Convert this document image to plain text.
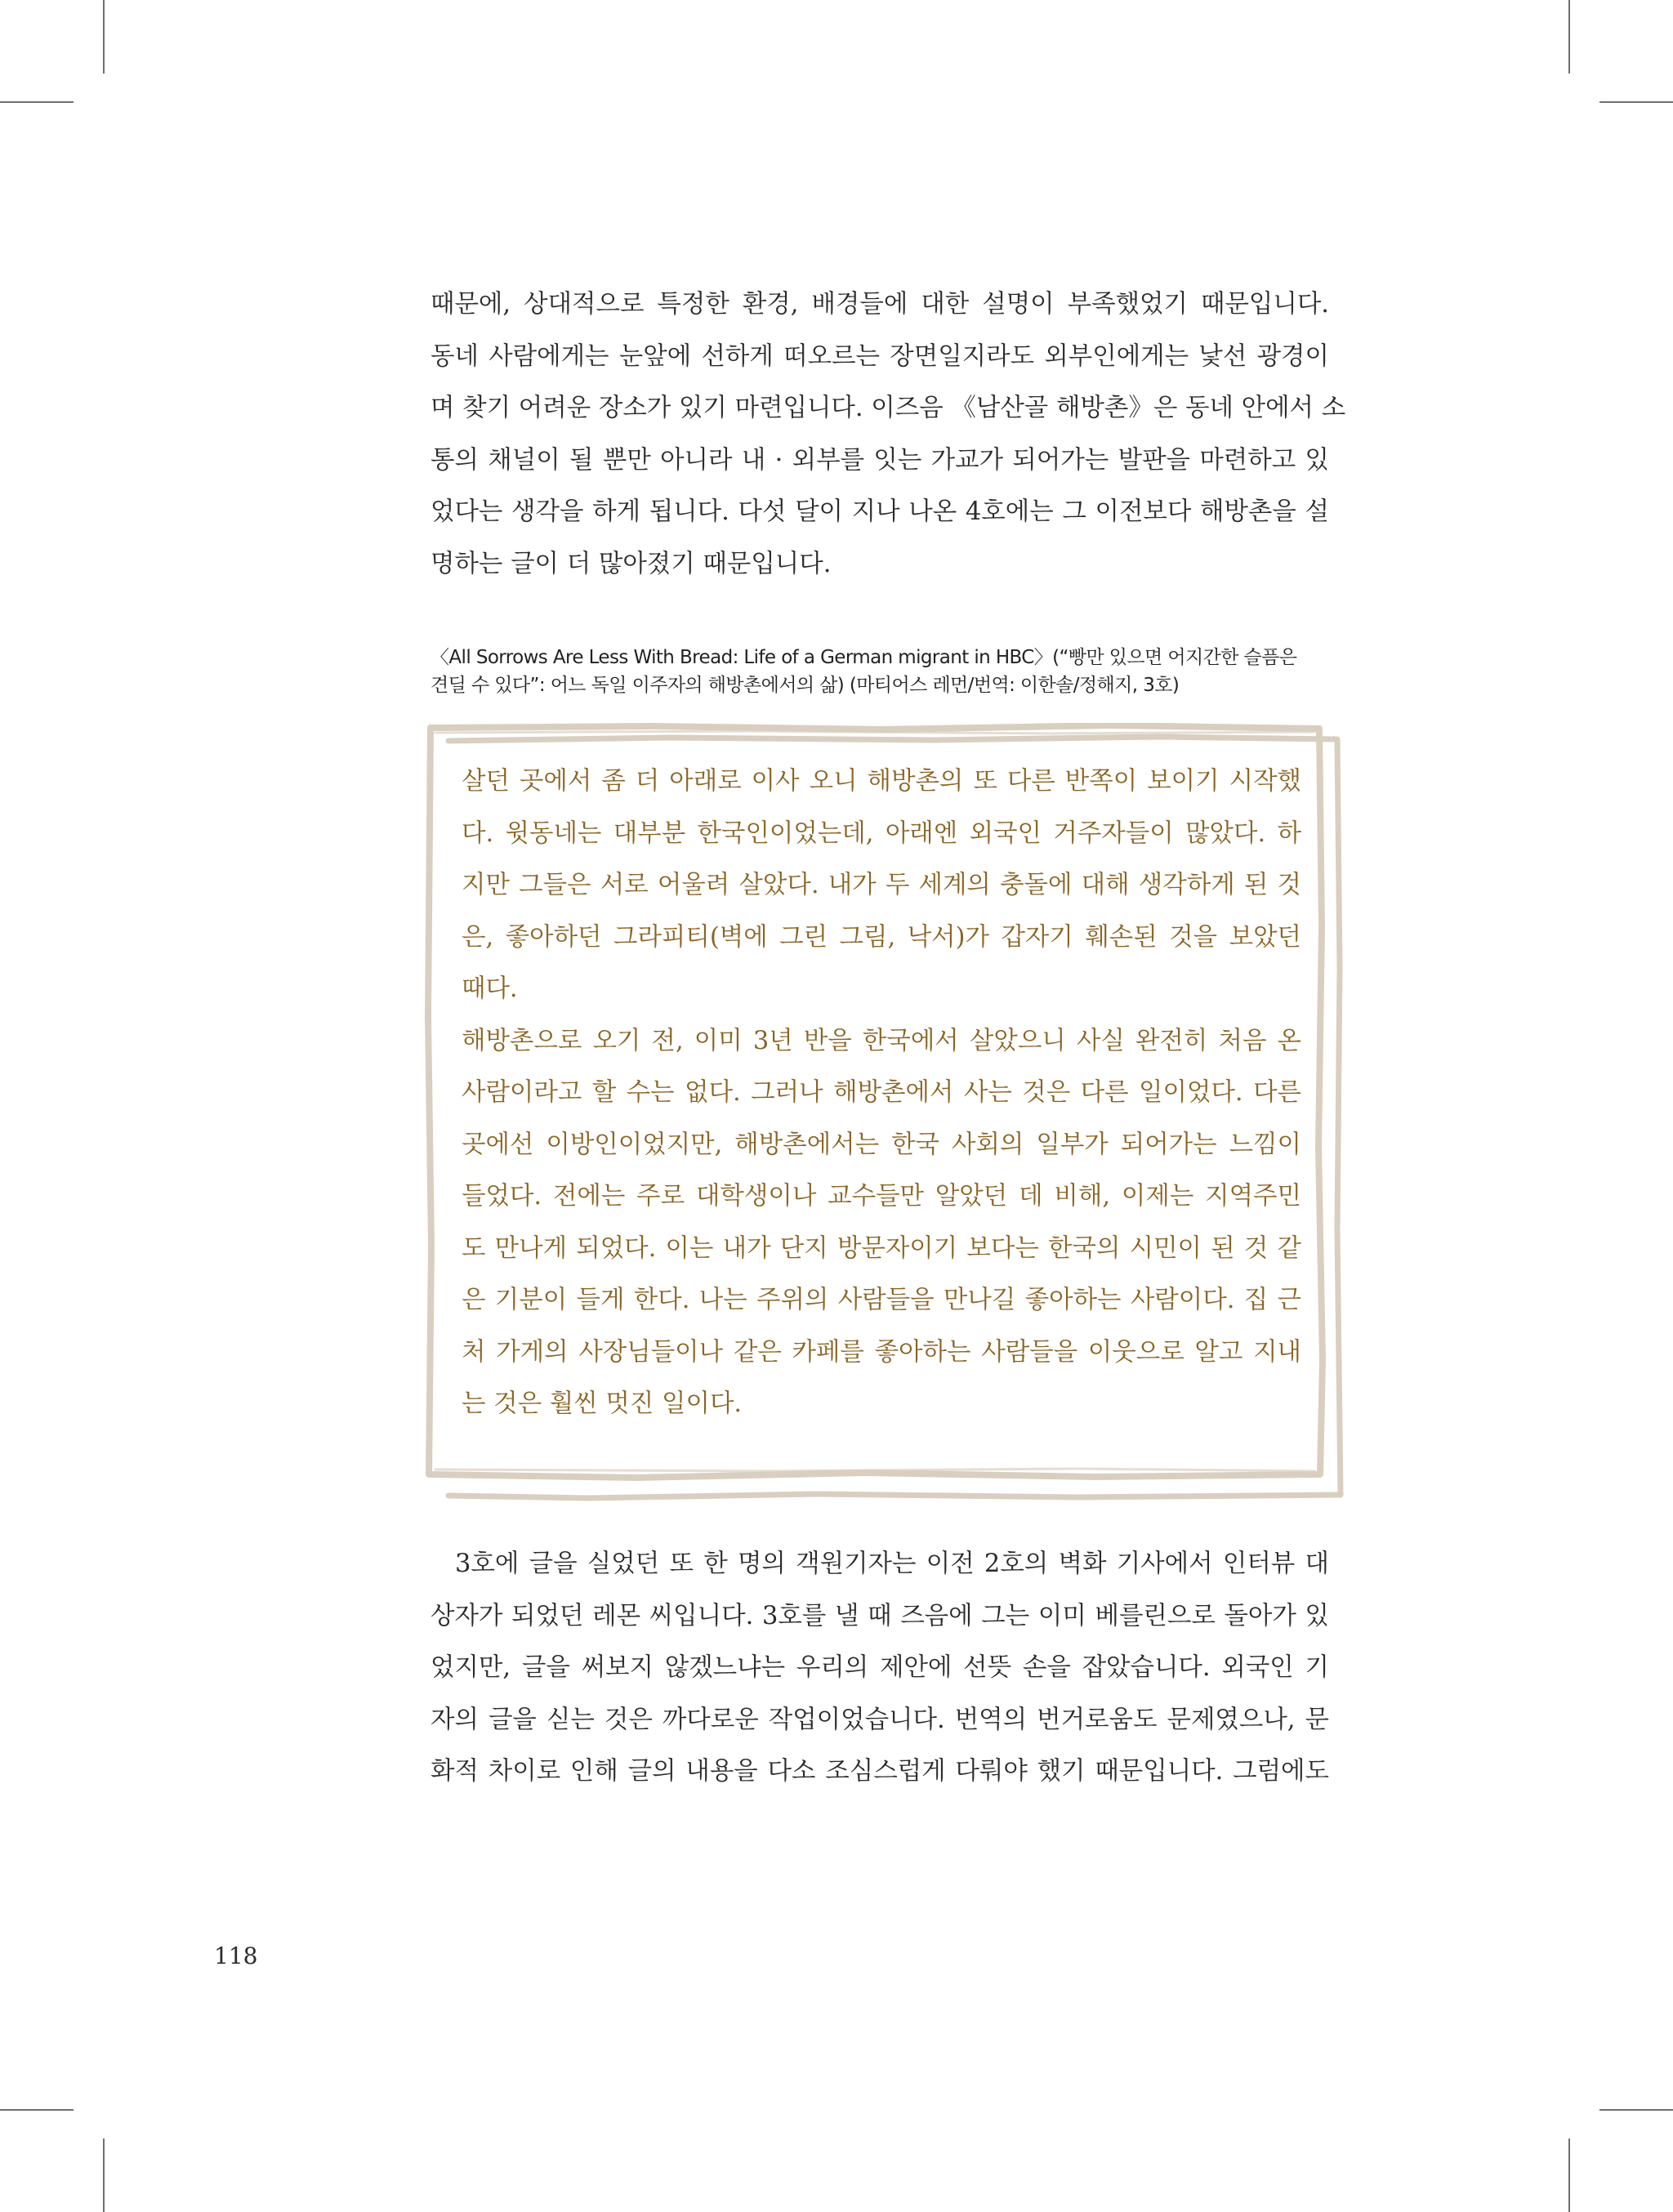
때문에, 상대적으로 특정한 환경, 배경들에 대한 설명이 부족했었기 때문입니다.
동네 사람에게는 눈앞에 선하게 떠오르는 장면일지라도 외부인에게는 낯선 광경이
며 찾기 어려운 장소가 있기 마련입니다. 이즈음 《남산골 해방촌》은 동네 안에서 소
통의 채널이 될 뿐만 아니라 내 · 외부를 잇는 가교가 되어가는 발판을 마련하고 있
었다는 생각을 하게 됩니다. 다섯 달이 지나 나온 4호에는 그 이전보다 해방촌을 설
명하는 글이 더 많아졌기 때문입니다.

〈All Sorrows Are Less With Bread: Life of a German migrant in HBC〉(“빵만 있으면 어지간한 슬픔은
견딜 수 있다”: 어느 독일 이주자의 해방촌에서의 삶) (마티어스 레먼/번역: 이한솔/정해지, 3호)

살던 곳에서 좀 더 아래로 이사 오니 해방촌의 또 다른 반쪽이 보이기 시작했
다. 윗동네는 대부분 한국인이었는데, 아래엔 외국인 거주자들이 많았다. 하
지만 그들은 서로 어울려 살았다. 내가 두 세계의 충돌에 대해 생각하게 된 것
은, 좋아하던 그라피티(벽에 그린 그림, 낙서)가 갑자기 훼손된 것을 보았던
때다.
해방촌으로 오기 전, 이미 3년 반을 한국에서 살았으니 사실 완전히 처음 온
사람이라고 할 수는 없다. 그러나 해방촌에서 사는 것은 다른 일이었다. 다른
곳에선 이방인이었지만, 해방촌에서는 한국 사회의 일부가 되어가는 느낌이
들었다. 전에는 주로 대학생이나 교수들만 알았던 데 비해, 이제는 지역주민
도 만나게 되었다. 이는 내가 단지 방문자이기 보다는 한국의 시민이 된 것 같
은 기분이 들게 한다. 나는 주위의 사람들을 만나길 좋아하는 사람이다. 집 근
처 가게의 사장님들이나 같은 카페를 좋아하는 사람들을 이웃으로 알고 지내
는 것은 훨씬 멋진 일이다.

3호에 글을 실었던 또 한 명의 객원기자는 이전 2호의 벽화 기사에서 인터뷰 대
상자가 되었던 레몬 씨입니다. 3호를 낼 때 즈음에 그는 이미 베를린으로 돌아가 있
었지만, 글을 써보지 않겠느냐는 우리의 제안에 선뜻 손을 잡았습니다. 외국인 기
자의 글을 싣는 것은 까다로운 작업이었습니다. 번역의 번거로움도 문제였으나, 문
화적 차이로 인해 글의 내용을 다소 조심스럽게 다뤄야 했기 때문입니다. 그럼에도

118
